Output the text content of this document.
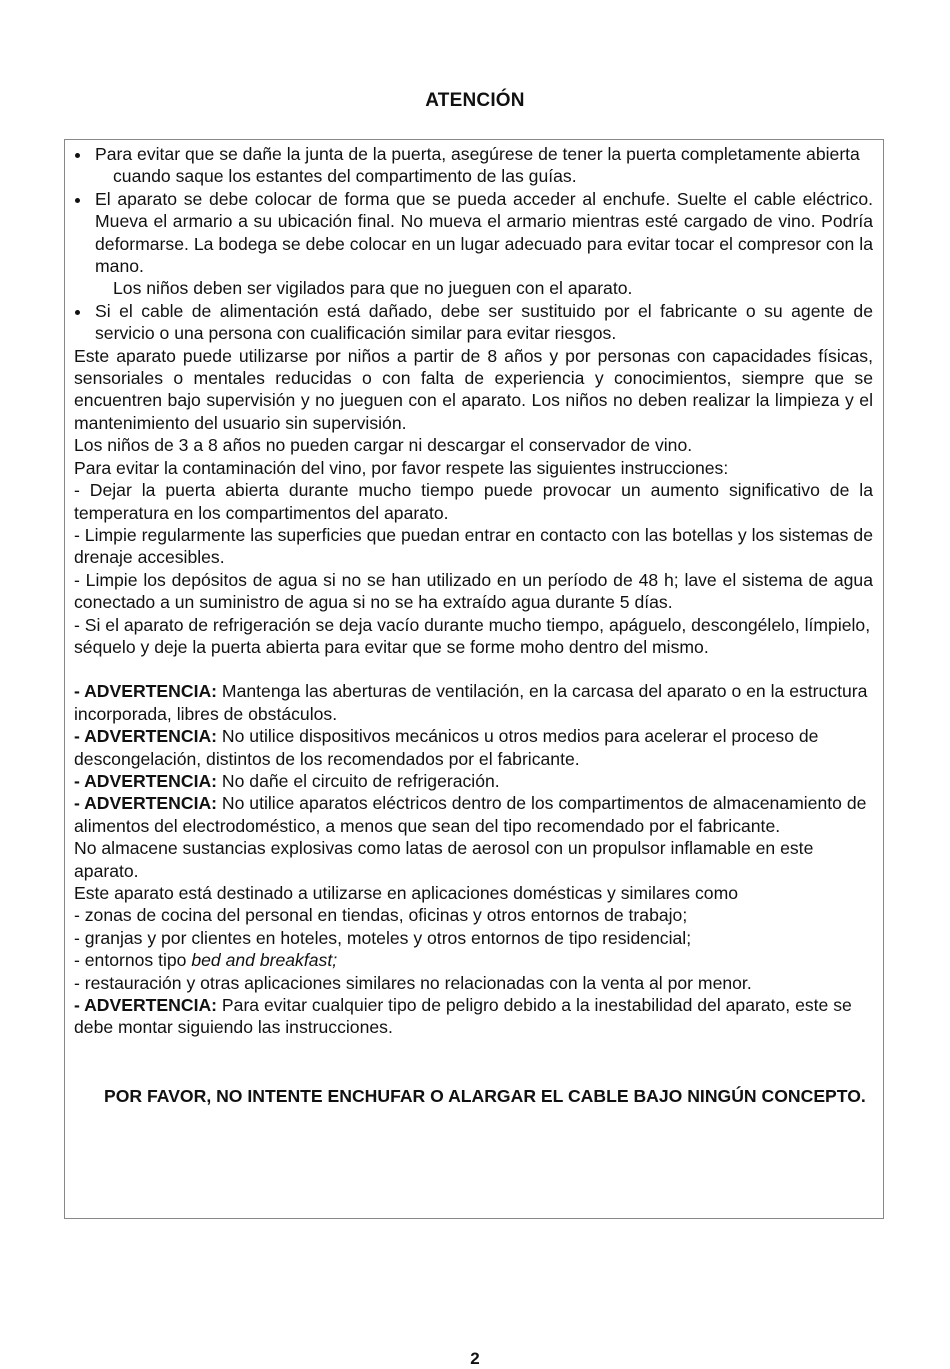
ATENCIÓN
Para evitar que se dañe la junta de la puerta, asegúrese de tener la puerta completamente abierta
cuando saque los estantes del compartimento de las guías.
El aparato se debe colocar de forma que se pueda acceder al enchufe. Suelte el cable eléctrico. Mueva el armario a su ubicación final. No mueva el armario mientras esté cargado de vino. Podría deformarse. La bodega se debe colocar en un lugar adecuado para evitar tocar el compresor con la mano.
Los niños deben ser vigilados para que no jueguen con el aparato.
Si el cable de alimentación está dañado, debe ser sustituido por el fabricante o su agente de servicio o una persona con cualificación similar para evitar riesgos.

Este aparato puede utilizarse por niños a partir de 8 años y por personas con capacidades físicas, sensoriales o mentales reducidas o con falta de experiencia y conocimientos, siempre que se encuentren bajo supervisión y no jueguen con el aparato. Los niños no deben realizar la limpieza y el mantenimiento del usuario sin supervisión.

Los niños de 3 a 8 años no pueden cargar ni descargar el conservador de vino.

Para evitar la contaminación del vino, por favor respete las siguientes instrucciones:

- Dejar la puerta abierta durante mucho tiempo puede provocar un aumento significativo de la temperatura en los compartimentos del aparato.

- Limpie regularmente las superficies que puedan entrar en contacto con las botellas y los sistemas de drenaje accesibles.

- Limpie los depósitos de agua si no se han utilizado en un período de 48 h; lave el sistema de agua conectado a un suministro de agua si no se ha extraído agua durante 5 días.

- Si el aparato de refrigeración se deja vacío durante mucho tiempo, apáguelo, descongélelo, límpielo, séquelo y deje la puerta abierta para evitar que se forme moho dentro del mismo.

- ADVERTENCIA: Mantenga las aberturas de ventilación, en la carcasa del aparato o en la estructura incorporada, libres de obstáculos.

- ADVERTENCIA: No utilice dispositivos mecánicos u otros medios para acelerar el proceso de descongelación, distintos de los recomendados por el fabricante.

- ADVERTENCIA: No dañe el circuito de refrigeración.

- ADVERTENCIA: No utilice aparatos eléctricos dentro de los compartimentos de almacenamiento de alimentos del electrodoméstico, a menos que sean del tipo recomendado por el fabricante.

No almacene sustancias explosivas como latas de aerosol con un propulsor inflamable en este aparato.

Este aparato está destinado a utilizarse en aplicaciones domésticas y similares como

- zonas de cocina del personal en tiendas, oficinas y otros entornos de trabajo;

- granjas y por clientes en hoteles, moteles y otros entornos de tipo residencial;

- entornos tipo bed and breakfast;

- restauración y otras aplicaciones similares no relacionadas con la venta al por menor.

- ADVERTENCIA: Para evitar cualquier tipo de peligro debido a la inestabilidad del aparato, este se debe montar siguiendo las instrucciones.

POR FAVOR, NO INTENTE ENCHUFAR O ALARGAR EL CABLE BAJO NINGÚN CONCEPTO.

2
